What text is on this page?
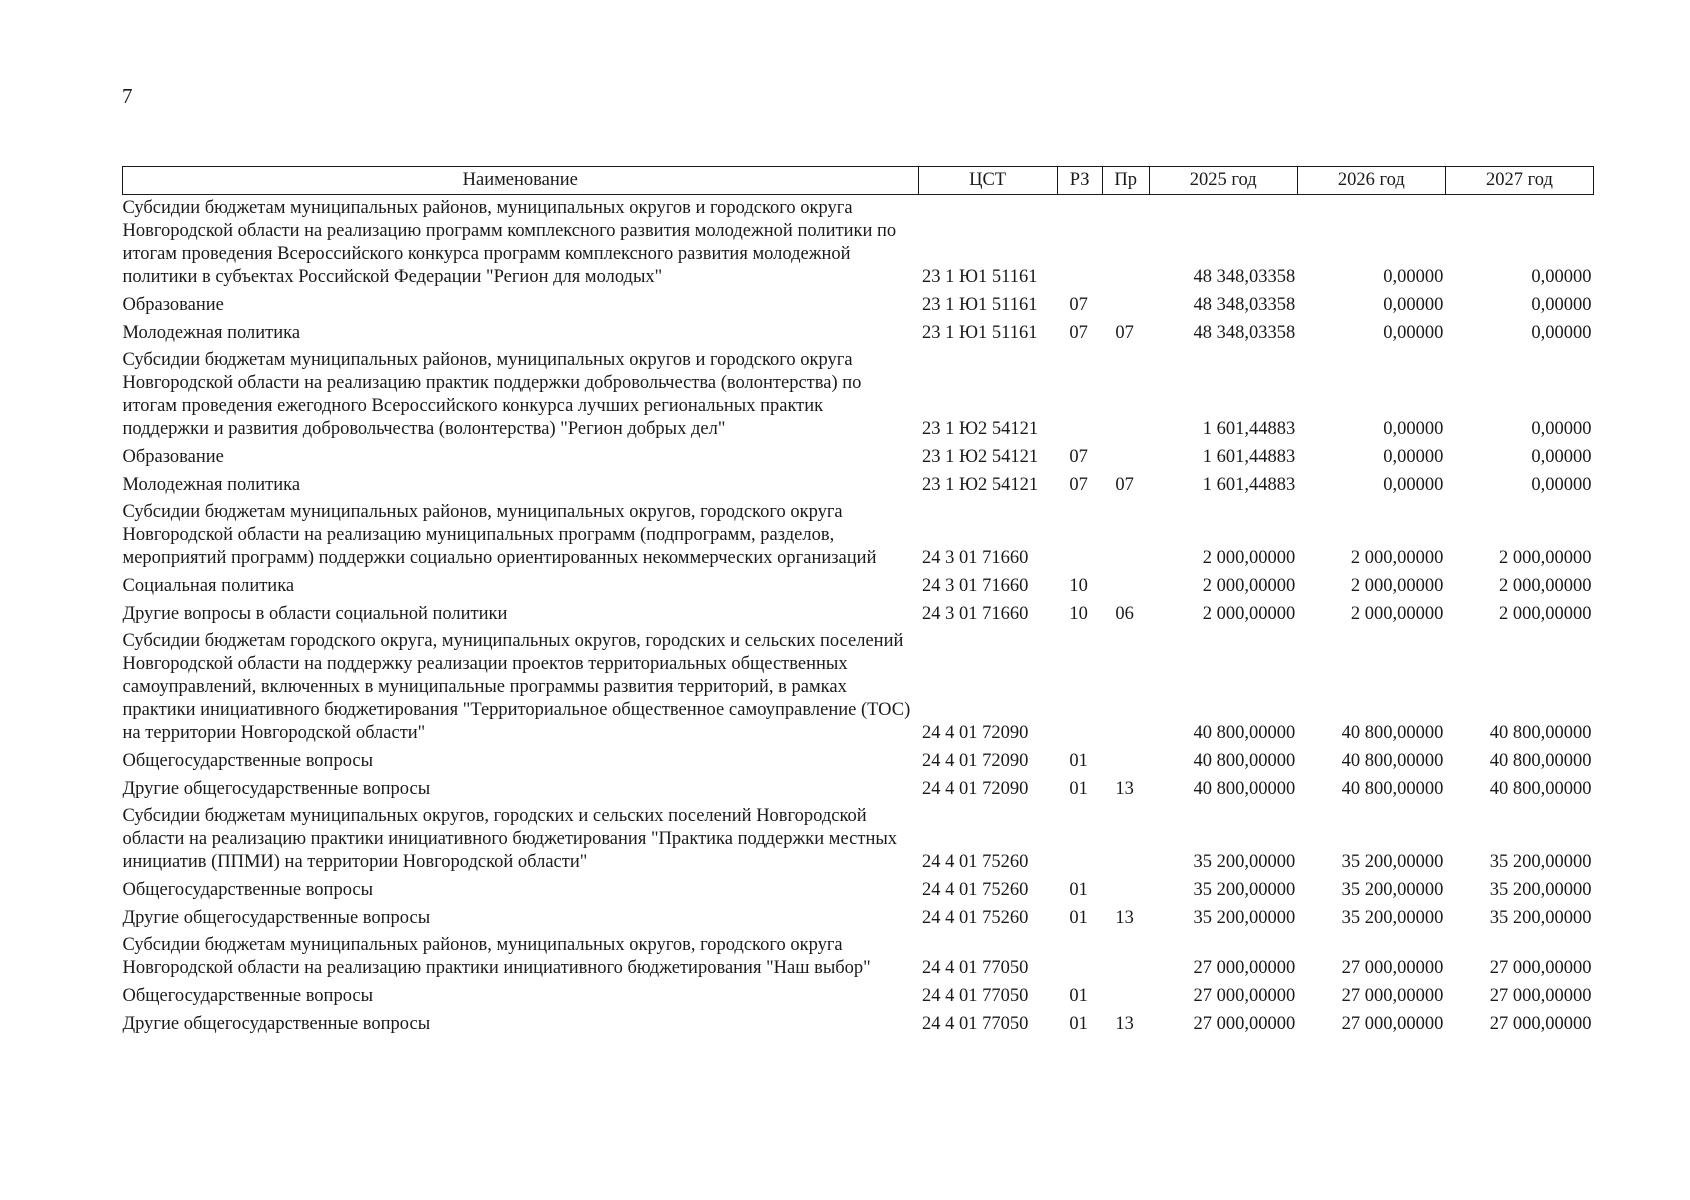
7
Наименование	ЦСТ	РЗ	Пр	2025 год	2026 год	2027 год
Субсидии бюджетам муниципальных районов, муниципальных округов и городского округа Новгородской области на реализацию программ комплексного развития молодежной политики по итогам проведения Всероссийского конкурса программ комплексного развития молодежной политики в субъектах Российской Федерации "Регион для молодых"	23 1 Ю1 51161			48 348,03358	0,00000	0,00000
Образование	23 1 Ю1 51161	07		48 348,03358	0,00000	0,00000
Молодежная политика	23 1 Ю1 51161	07	07	48 348,03358	0,00000	0,00000
Субсидии бюджетам муниципальных районов, муниципальных округов и городского округа Новгородской области на реализацию практик поддержки добровольчества (волонтерства) по итогам проведения ежегодного Всероссийского конкурса лучших региональных практик поддержки и развития добровольчества (волонтерства) "Регион добрых дел"	23 1 Ю2 54121			1 601,44883	0,00000	0,00000
Образование	23 1 Ю2 54121	07		1 601,44883	0,00000	0,00000
Молодежная политика	23 1 Ю2 54121	07	07	1 601,44883	0,00000	0,00000
Субсидии бюджетам муниципальных районов, муниципальных округов, городского округа Новгородской области на реализацию муниципальных программ (подпрограмм, разделов, мероприятий программ) поддержки социально ориентированных некоммерческих организаций	24 3 01 71660			2 000,00000	2 000,00000	2 000,00000
Социальная политика	24 3 01 71660	10		2 000,00000	2 000,00000	2 000,00000
Другие вопросы в области социальной политики	24 3 01 71660	10	06	2 000,00000	2 000,00000	2 000,00000
Субсидии бюджетам городского округа, муниципальных округов, городских и сельских поселений Новгородской области на поддержку реализации проектов территориальных общественных самоуправлений, включенных в муниципальные программы развития территорий, в рамках практики инициативного бюджетирования "Территориальное общественное самоуправление (ТОС) на территории Новгородской области"	24 4 01 72090			40 800,00000	40 800,00000	40 800,00000
Общегосударственные вопросы	24 4 01 72090	01		40 800,00000	40 800,00000	40 800,00000
Другие общегосударственные вопросы	24 4 01 72090	01	13	40 800,00000	40 800,00000	40 800,00000
Субсидии бюджетам муниципальных округов, городских и сельских поселений Новгородской области на реализацию практики инициативного бюджетирования "Практика поддержки местных инициатив (ППМИ) на территории Новгородской области"	24 4 01 75260			35 200,00000	35 200,00000	35 200,00000
Общегосударственные вопросы	24 4 01 75260	01		35 200,00000	35 200,00000	35 200,00000
Другие общегосударственные вопросы	24 4 01 75260	01	13	35 200,00000	35 200,00000	35 200,00000
Субсидии бюджетам муниципальных районов, муниципальных округов, городского округа Новгородской области на реализацию практики инициативного бюджетирования "Наш выбор"	24 4 01 77050			27 000,00000	27 000,00000	27 000,00000
Общегосударственные вопросы	24 4 01 77050	01		27 000,00000	27 000,00000	27 000,00000
Другие общегосударственные вопросы	24 4 01 77050	01	13	27 000,00000	27 000,00000	27 000,00000
